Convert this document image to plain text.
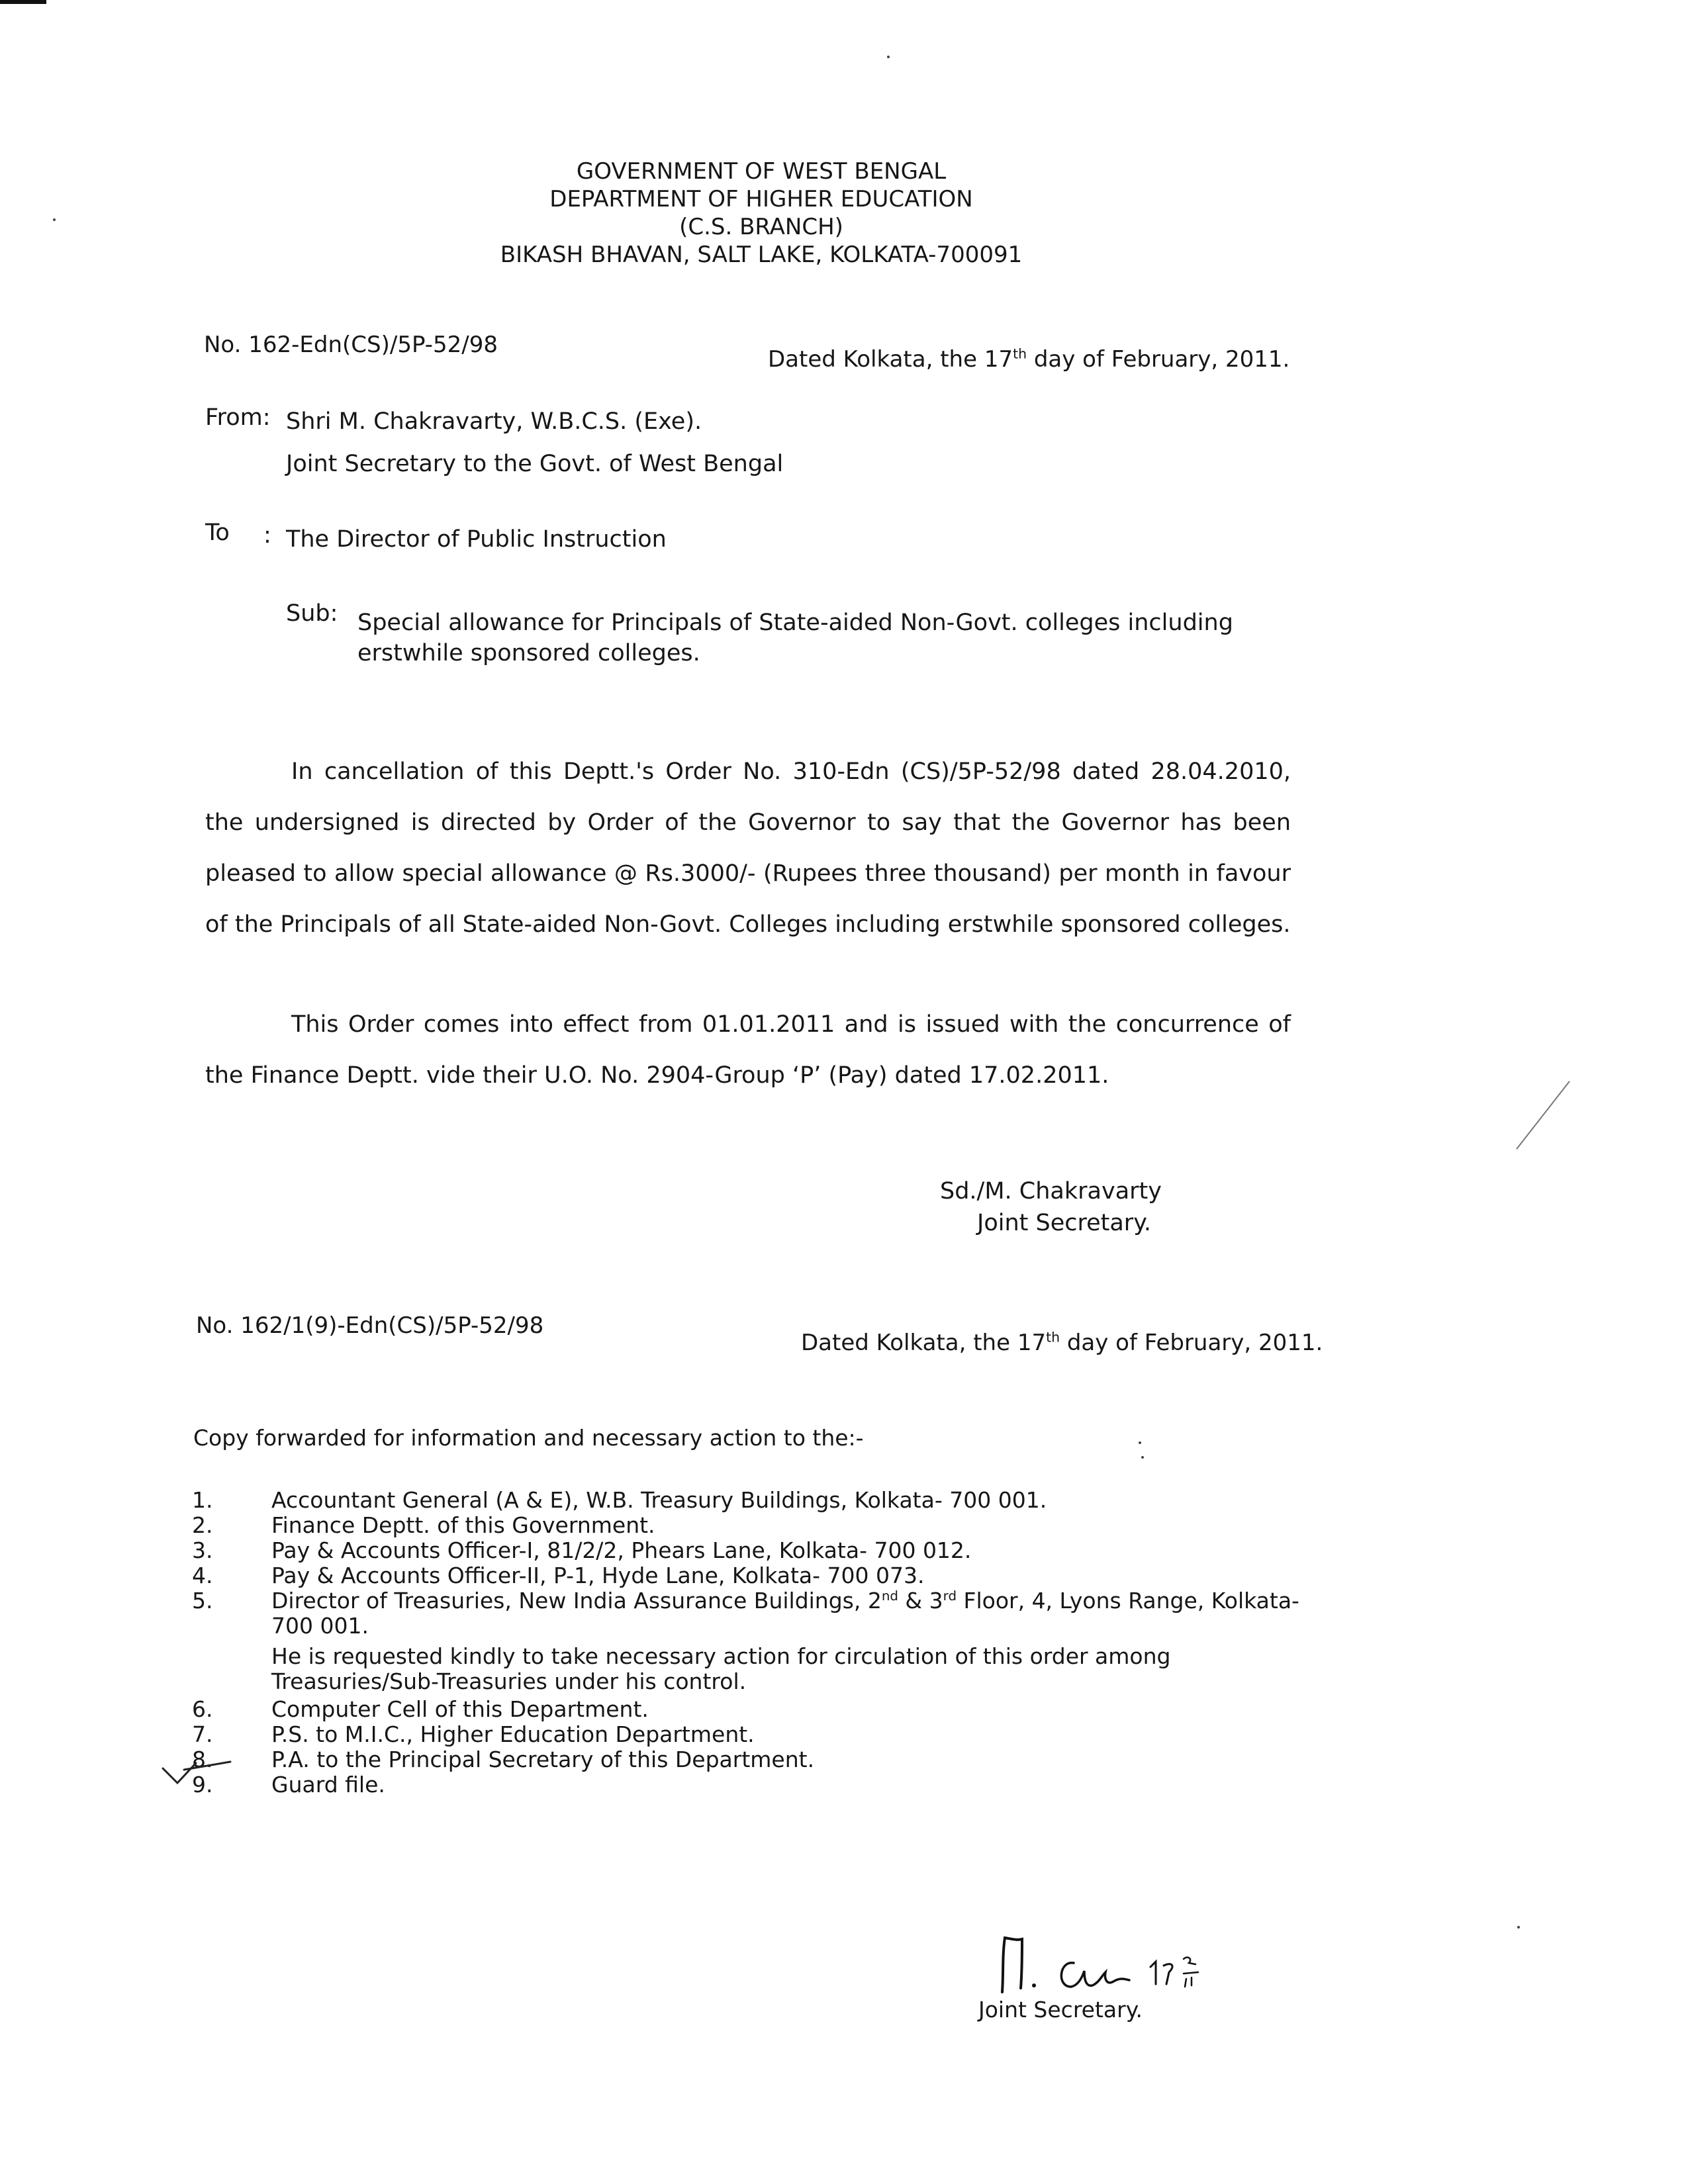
GOVERNMENT OF WEST BENGAL
DEPARTMENT OF HIGHER EDUCATION
(C.S. BRANCH)
BIKASH BHAVAN, SALT LAKE, KOLKATA-700091
No. 162-Edn(CS)/5P-52/98
Dated Kolkata, the 17th day of February, 2011.
From: Shri M. Chakravarty, W.B.C.S. (Exe).
Joint Secretary to the Govt. of West Bengal
To : The Director of Public Instruction
Sub: Special allowance for Principals of State-aided Non-Govt. colleges including
erstwhile sponsored colleges.
In cancellation of this Deptt.'s Order No. 310-Edn (CS)/5P-52/98 dated 28.04.2010, the undersigned is directed by Order of the Governor to say that the Governor has been pleased to allow special allowance @ Rs.3000/- (Rupees three thousand) per month in favour of the Principals of all State-aided Non-Govt. Colleges including erstwhile sponsored colleges.
This Order comes into effect from 01.01.2011 and is issued with the concurrence of the Finance Deptt. vide their U.O. No. 2904-Group ‘P’ (Pay) dated 17.02.2011.
Sd./M. Chakravarty
Joint Secretary.
No. 162/1(9)-Edn(CS)/5P-52/98
Dated Kolkata, the 17th day of February, 2011.
Copy forwarded for information and necessary action to the:-
1.	Accountant General (A & E), W.B. Treasury Buildings, Kolkata- 700 001.
2.	Finance Deptt. of this Government.
3.	Pay & Accounts Officer-I, 81/2/2, Phears Lane, Kolkata- 700 012.
4.	Pay & Accounts Officer-II, P-1, Hyde Lane, Kolkata- 700 073.
5.	Director of Treasuries, New India Assurance Buildings, 2nd & 3rd Floor, 4, Lyons Range, Kolkata-700 001.
He is requested kindly to take necessary action for circulation of this order among Treasuries/Sub-Treasuries under his control.
6.	Computer Cell of this Department.
7.	P.S. to M.I.C., Higher Education Department.
8.	P.A. to the Principal Secretary of this Department.
9.	Guard file.
Joint Secretary.
